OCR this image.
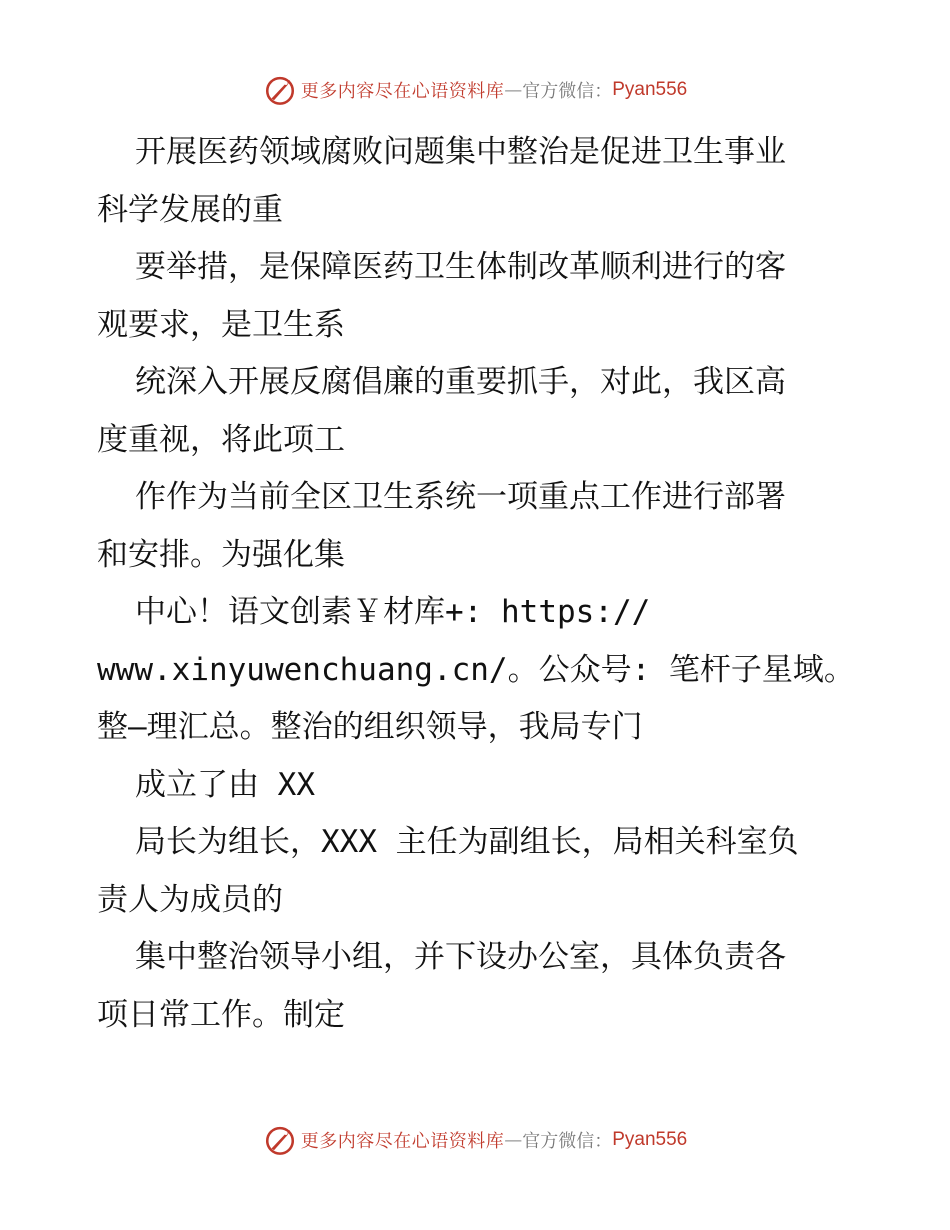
更多内容尽在心语资料库 — 官方微信： Pyan556
开展医药领域腐败问题集中整治是促进卫生事业
科学发展的重
要举措，是保障医药卫生体制改革顺利进行的客
观要求，是卫生系
统深入开展反腐倡廉的重要抓手，对此，我区高
度重视，将此项工
作作为当前全区卫生系统一项重点工作进行部署
和安排。为强化集
中心！语文创素￥材库+: https://
www.xinyuwenchuang.cn/。公众号: 笔杆子星域。
整—理汇总。整治的组织领导，我局专门
成立了由 XX
局长为组长，XXX 主任为副组长，局相关科室负
责人为成员的
集中整治领导小组，并下设办公室，具体负责各
项日常工作。制定
更多内容尽在心语资料库 — 官方微信： Pyan556
